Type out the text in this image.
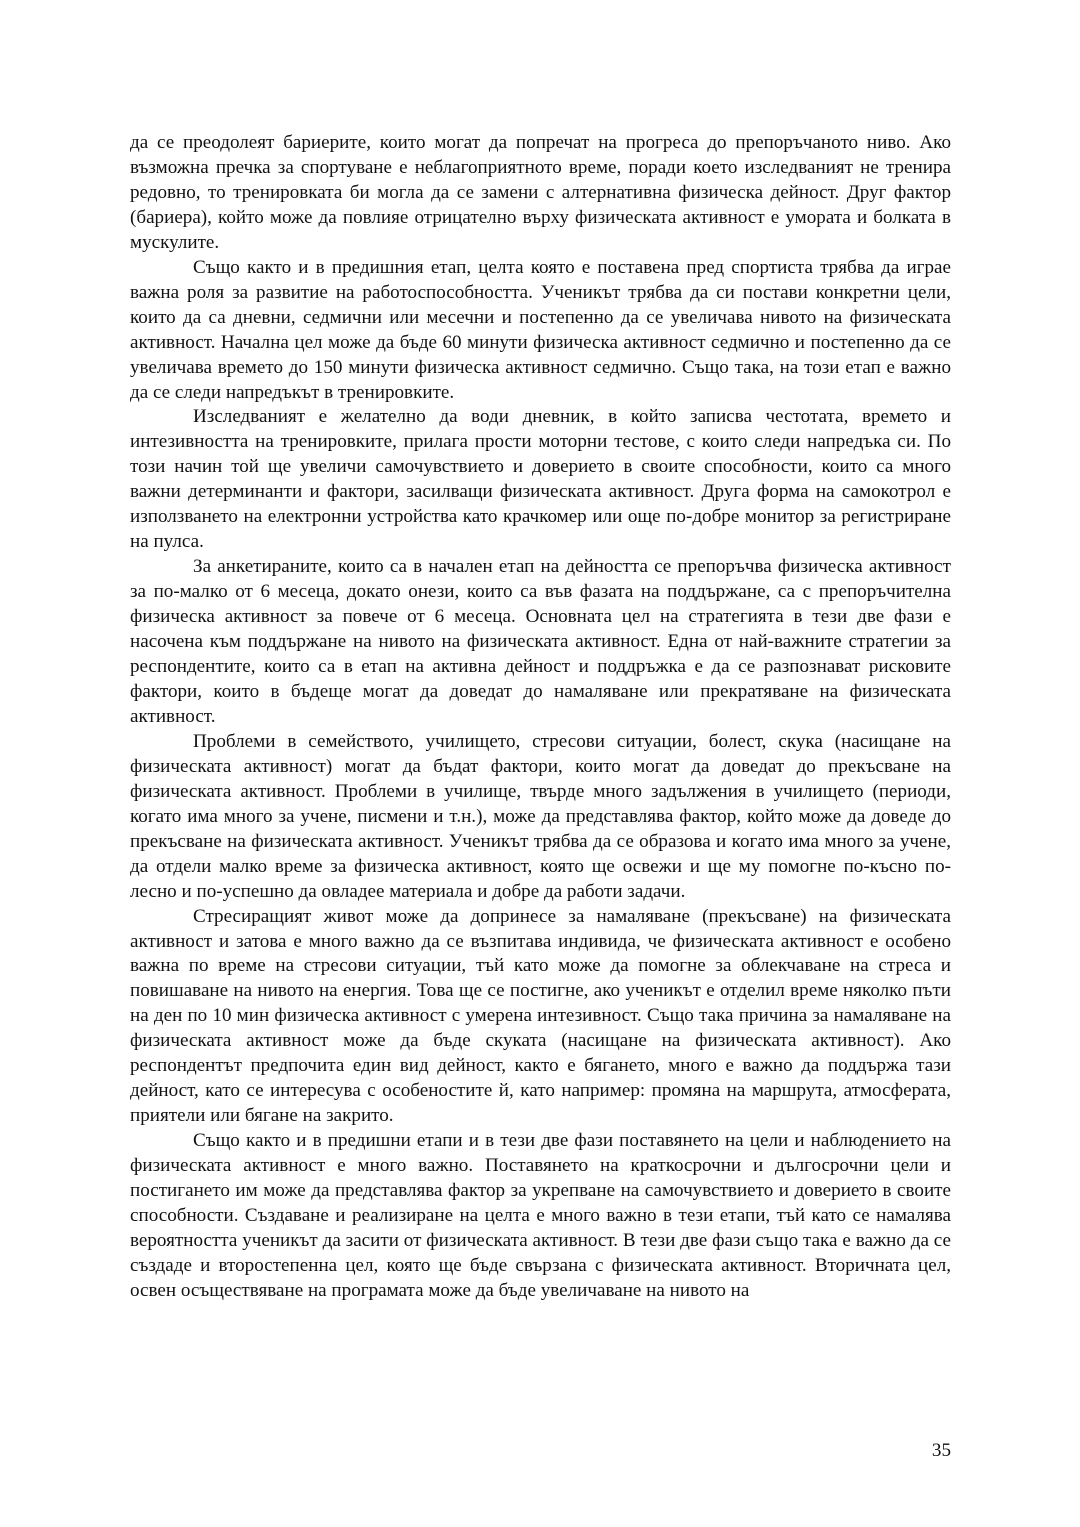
да се преодолеят бариерите, които могат да попречат на прогреса до препоръчаното ниво. Ако възможна пречка за спортуване е неблагоприятното време, поради което изследваният не тренира редовно, то тренировката би могла да се замени с алтернативна физическа дейност. Друг фактор (бариера), който може да повлияе отрицателно върху физическата активност е умората и болката в мускулите.

Също както и в предишния етап, целта която е поставена пред спортиста трябва да играе важна роля за развитие на работоспособността. Ученикът трябва да си постави конкретни цели, които да са дневни, седмични или месечни и постепенно да се увеличава нивото на физическата активност. Начална цел може да бъде 60 минути физическа активност седмично и постепенно да се увеличава времето до 150 минути физическа активност седмично. Също така, на този етап е важно да се следи напредъкът в тренировките.

Изследваният е желателно да води дневник, в който записва честотата, времето и интезивността на тренировките, прилага прости моторни тестове, с които следи напредъка си. По този начин той ще увеличи самочувствието и доверието в своите способности, които са много важни детерминанти и фактори, засилващи физическата активност. Друга форма на самокотрол е използването на електронни устройства като крачкомер или още по-добре монитор за регистриране на пулса.

За анкетираните, които са в начален етап на дейността се препоръчва физическа активност за по-малко от 6 месеца, докато онези, които са във фазата на поддържане, са с препоръчителна физическа активност за повече от 6 месеца. Основната цел на стратегията в тези две фази е насочена към поддържане на нивото на физическата активност. Една от най-важните стратегии за респондентите, които са в етап на активна дейност и поддръжка е да се разпознават рисковите фактори, които в бъдеще могат да доведат до намаляване или прекратяване на физическата активност.

Проблеми в семейството, училището, стресови ситуации, болест, скука (насищане на физическата активност) могат да бъдат фактори, които могат да доведат до прекъсване на физическата активност. Проблеми в училище, твърде много задължения в училището (периоди, когато има много за учене, писмени и т.н.), може да представлява фактор, който може да доведе до прекъсване на физическата активност. Ученикът трябва да се образова и когато има много за учене, да отдели малко време за физическа активност, която ще освежи и ще му помогне по-късно по-лесно и по-успешно да овладее материала и добре да работи задачи.

Стресиращият живот може да допринесе за намаляване (прекъсване) на физическата активност и затова е много важно да се възпитава индивида, че физическата активност е особено важна по време на стресови ситуации, тъй като може да помогне за облекчаване на стреса и повишаване на нивото на енергия. Това ще се постигне, ако ученикът е отделил време няколко пъти на ден по 10 мин физическа активност с умерена интезивност. Също така причина за намаляване на физическата активност може да бъде скуката (насищане на физическата активност). Ако респондентът предпочита един вид дейност, както е бягането, много е важно да поддържа тази дейност, като се интересува с особеностите й, като например: промяна на маршрута, атмосферата, приятели или бягане на закрито.

Също както и в предишни етапи и в тези две фази поставянето на цели и наблюдението на физическата активност е много важно. Поставянето на краткосрочни и дългосрочни цели и постигането им може да представлява фактор за укрепване на самочувствието и доверието в своите способности. Създаване и реализиране на целта е много важно в тези етапи, тъй като се намалява вероятността ученикът да засити от физическата активност. В тези две фази също така е важно да се създаде и второстепенна цел, която ще бъде свързана с физическата активност. Вторичната цел, освен осъществяване на програмата може да бъде увеличаване на нивото на

35
